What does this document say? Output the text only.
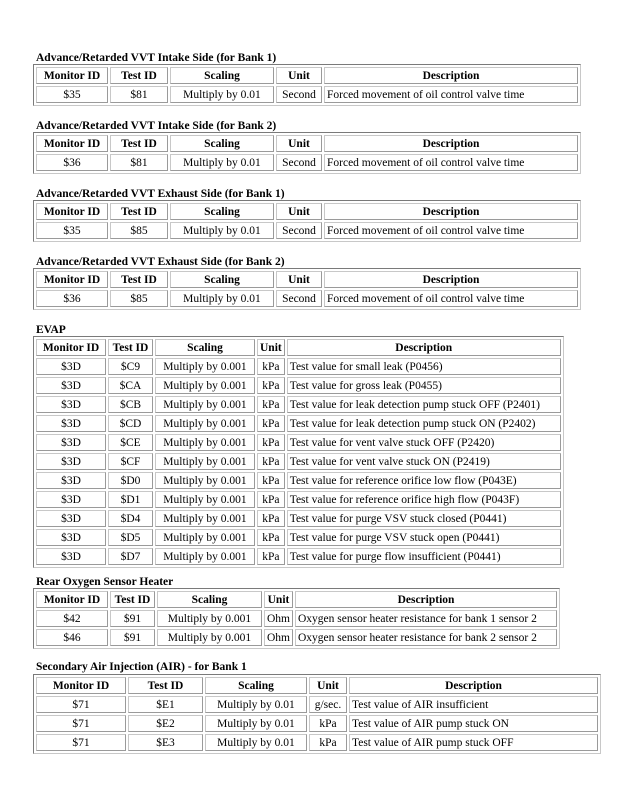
Advance/Retarded VVT Intake Side (for Bank 1)
Monitor ID	Test ID	Scaling	Unit	Description
$35	$81	Multiply by 0.01	Second	Forced movement of oil control valve time
Advance/Retarded VVT Intake Side (for Bank 2)
Monitor ID	Test ID	Scaling	Unit	Description
$36	$81	Multiply by 0.01	Second	Forced movement of oil control valve time
Advance/Retarded VVT Exhaust Side (for Bank 1)
Monitor ID	Test ID	Scaling	Unit	Description
$35	$85	Multiply by 0.01	Second	Forced movement of oil control valve time
Advance/Retarded VVT Exhaust Side (for Bank 2)
Monitor ID	Test ID	Scaling	Unit	Description
$36	$85	Multiply by 0.01	Second	Forced movement of oil control valve time
EVAP
Monitor ID	Test ID	Scaling	Unit	Description
$3D	$C9	Multiply by 0.001	kPa	Test value for small leak (P0456)
$3D	$CA	Multiply by 0.001	kPa	Test value for gross leak (P0455)
$3D	$CB	Multiply by 0.001	kPa	Test value for leak detection pump stuck OFF (P2401)
$3D	$CD	Multiply by 0.001	kPa	Test value for leak detection pump stuck ON (P2402)
$3D	$CE	Multiply by 0.001	kPa	Test value for vent valve stuck OFF (P2420)
$3D	$CF	Multiply by 0.001	kPa	Test value for vent valve stuck ON (P2419)
$3D	$D0	Multiply by 0.001	kPa	Test value for reference orifice low flow (P043E)
$3D	$D1	Multiply by 0.001	kPa	Test value for reference orifice high flow (P043F)
$3D	$D4	Multiply by 0.001	kPa	Test value for purge VSV stuck closed (P0441)
$3D	$D5	Multiply by 0.001	kPa	Test value for purge VSV stuck open (P0441)
$3D	$D7	Multiply by 0.001	kPa	Test value for purge flow insufficient (P0441)
Rear Oxygen Sensor Heater
Monitor ID	Test ID	Scaling	Unit	Description
$42	$91	Multiply by 0.001	Ohm	Oxygen sensor heater resistance for bank 1 sensor 2
$46	$91	Multiply by 0.001	Ohm	Oxygen sensor heater resistance for bank 2 sensor 2
Secondary Air Injection (AIR) - for Bank 1
Monitor ID	Test ID	Scaling	Unit	Description
$71	$E1	Multiply by 0.01	g/sec.	Test value of AIR insufficient
$71	$E2	Multiply by 0.01	kPa	Test value of AIR pump stuck ON
$71	$E3	Multiply by 0.01	kPa	Test value of AIR pump stuck OFF
